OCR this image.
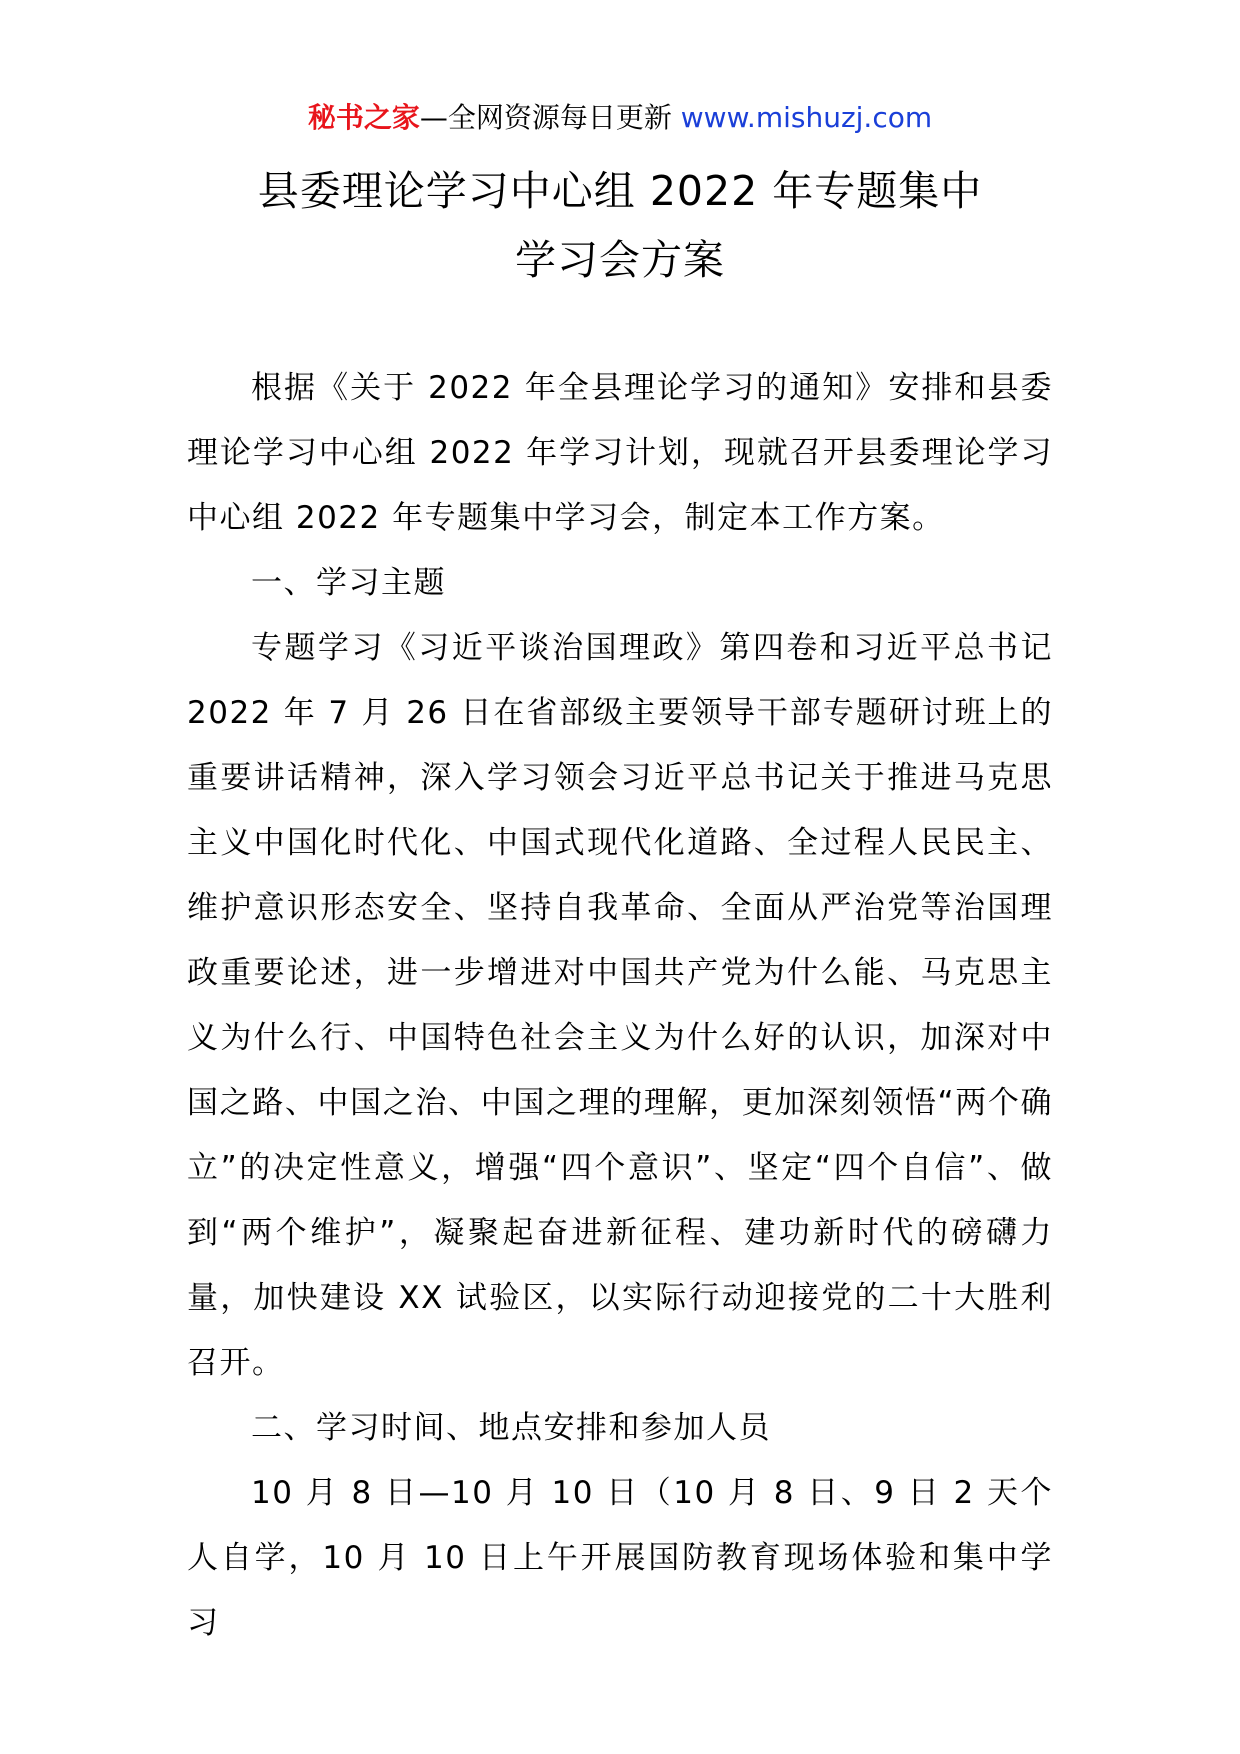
秘书之家—全网资源每日更新 www.mishuzj.com
县委理论学习中心组 2022 年专题集中
学习会方案

根据《关于 2022 年全县理论学习的通知》安排和县委理论学习中心组 2022 年学习计划，现就召开县委理论学习中心组 2022 年专题集中学习会，制定本工作方案。

一、学习主题

专题学习《习近平谈治国理政》第四卷和习近平总书记 2022 年 7 月 26 日在省部级主要领导干部专题研讨班上的重要讲话精神，深入学习领会习近平总书记关于推进马克思主义中国化时代化、中国式现代化道路、全过程人民民主、维护意识形态安全、坚持自我革命、全面从严治党等治国理政重要论述，进一步增进对中国共产党为什么能、马克思主义为什么行、中国特色社会主义为什么好的认识，加深对中国之路、中国之治、中国之理的理解，更加深刻领悟“两个确立”的决定性意义，增强“四个意识”、坚定“四个自信”、做到“两个维护”，凝聚起奋进新征程、建功新时代的磅礴力量，加快建设 XX 试验区，以实际行动迎接党的二十大胜利召开。

二、学习时间、地点安排和参加人员

10 月 8 日—10 月 10 日（10 月 8 日、9 日 2 天个人自学，10 月 10 日上午开展国防教育现场体验和集中学习
